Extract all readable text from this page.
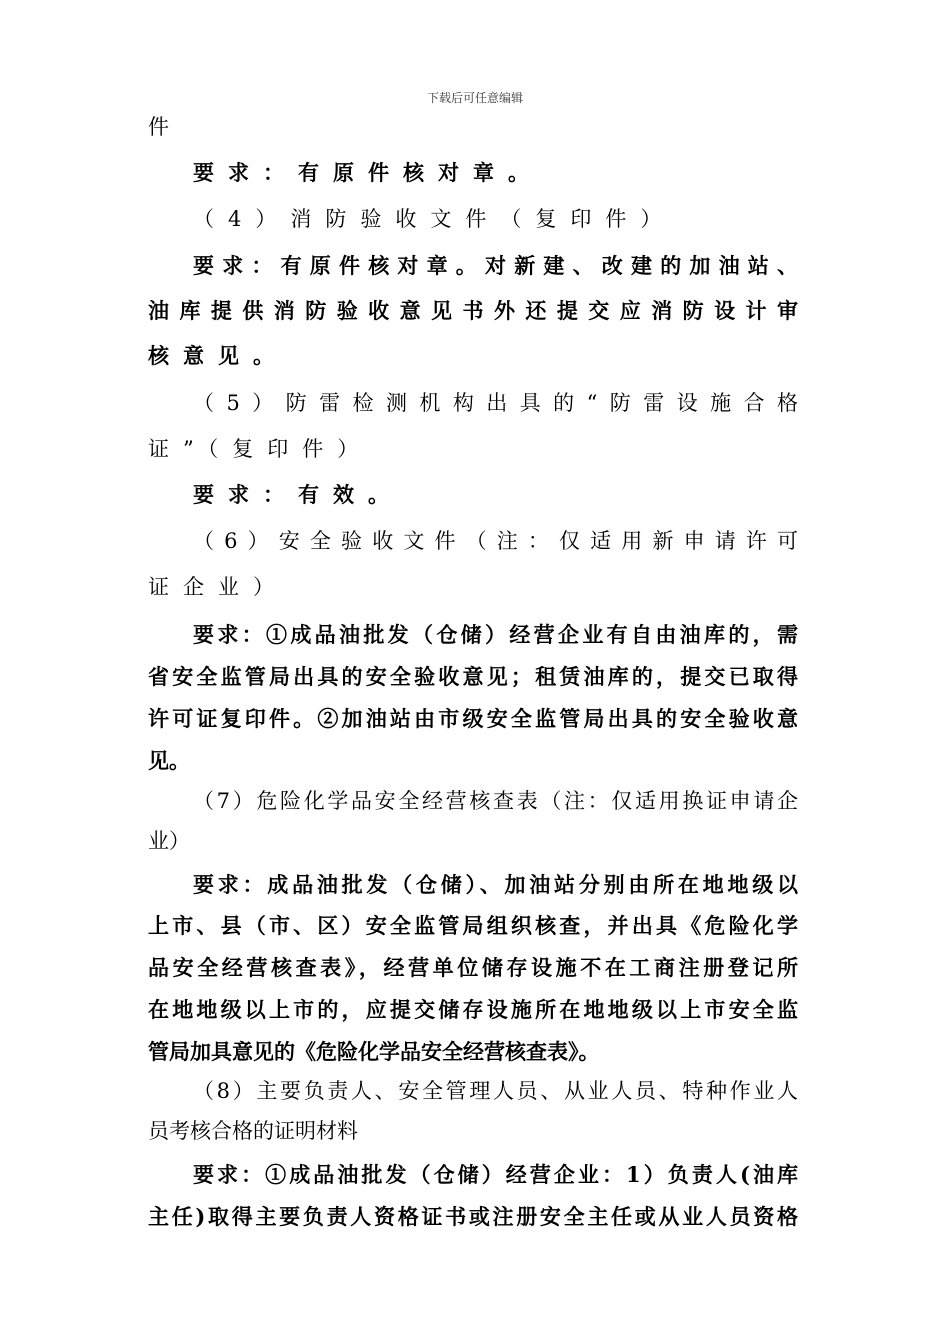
下载后可任意编辑
件
要求：有原件核对章。
（4）消防验收文件（复印件）
要求：有原件核对章。对新建、改建的加油站、
油库提供消防验收意见书外还提交应消防设计审
核意见。
（5）防雷检测机构出具的“防雷设施合格
证”（复印件）
要求：有效。
（6）安全验收文件（注：仅适用新申请许可
证企业）
要求：①成品油批发（仓储）经营企业有自由油库的，需
省安全监管局出具的安全验收意见；租赁油库的，提交已取得
许可证复印件。②加油站由市级安全监管局出具的安全验收意
见。
（7）危险化学品安全经营核查表（注：仅适用换证申请企
业）
要求：成品油批发（仓储）、加油站分别由所在地地级以
上市、县（市、区）安全监管局组织核查，并出具《危险化学
品安全经营核查表》，经营单位储存设施不在工商注册登记所
在地地级以上市的，应提交储存设施所在地地级以上市安全监
管局加具意见的《危险化学品安全经营核查表》。
（8）主要负责人、安全管理人员、从业人员、特种作业人
员考核合格的证明材料
要求：①成品油批发（仓储）经营企业：1）负责人(油库
主任)取得主要负责人资格证书或注册安全主任或从业人员资格
